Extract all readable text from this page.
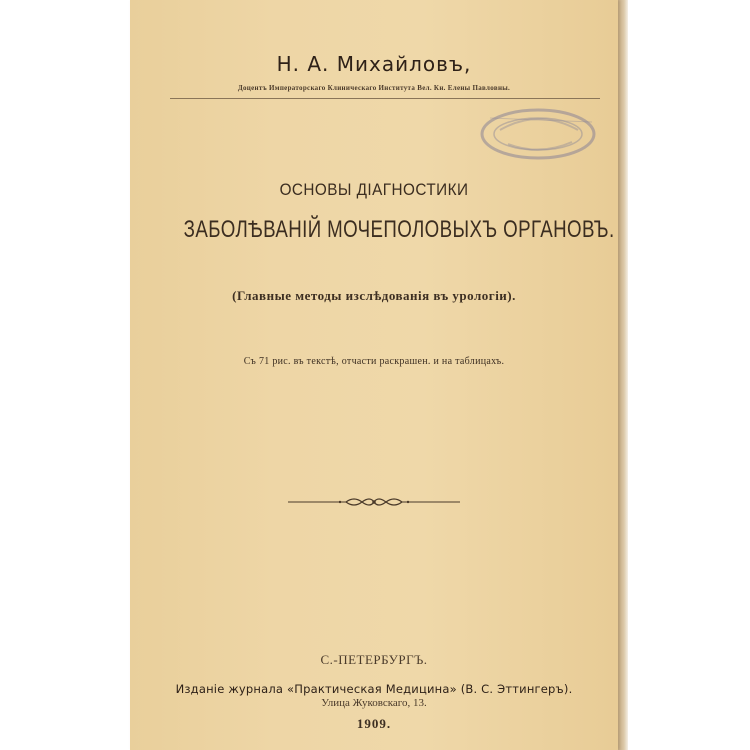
Н. А. Михайловъ,
Доцентъ Императорскаго Клиническаго Института Вел. Кн. Елены Павловны.
ОСНОВЫ ДІАГНОСТИКИ
ЗАБОЛѢВАНІЙ МОЧЕПОЛОВЫХЪ ОРГАНОВЪ.
(Главные методы изслѣдованія въ урологіи).
Съ 71 рис. въ текстѣ, отчасти раскрашен. и на таблицахъ.
С.-ПЕТЕРБУРГЪ.
Изданіе журнала «Практическая Медицина» (В. С. Эттингеръ).
Улица Жуковскаго, 13.
1909.
